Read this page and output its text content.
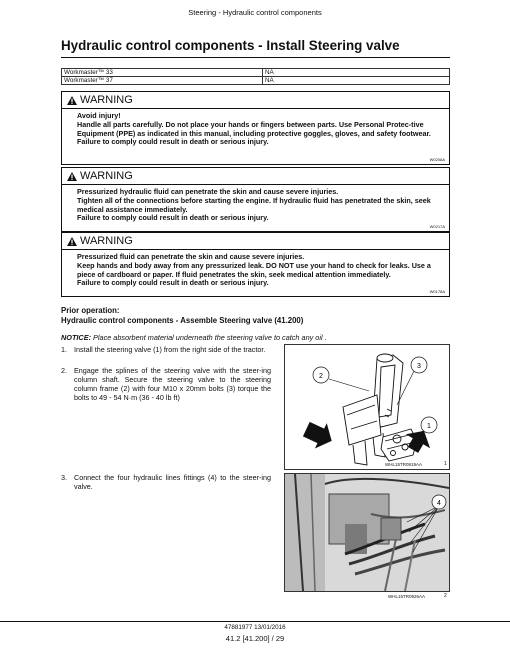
Steering - Hydraulic control components
Hydraulic control components - Install Steering valve
Workmaster™ 33	NA
Workmaster™ 37	NA
WARNING
Avoid injury!
Handle all parts carefully. Do not place your hands or fingers between parts. Use Personal Protec-tive Equipment (PPE) as indicated in this manual, including protective goggles, gloves, and safety footwear.
Failure to comply could result in death or serious injury.
W0208A
WARNING
Pressurized hydraulic fluid can penetrate the skin and cause severe injuries.
Tighten all of the connections before starting the engine. If hydraulic fluid has penetrated the skin, seek medical assistance immediately.
Failure to comply could result in death or serious injury.
W0217A
WARNING
Pressurized fluid can penetrate the skin and cause severe injuries.
Keep hands and body away from any pressurized leak. DO NOT use your hand to check for leaks. Use a piece of cardboard or paper. If fluid penetrates the skin, seek medical attention immediately.
Failure to comply could result in death or serious injury.
W0178A
Prior operation:
Hydraulic control components - Assemble Steering valve (41.200)
NOTICE: Place absorbent material underneath the steering valve to catch any oil .
1. Install the steering valve (1) from the right side of the tractor.
2. Engage the splines of the steering valve with the steer-ing column shaft. Secure the steering valve to the steering column frame (2) with four M10 x 20mm bolts (3) torque the bolts to 49 - 54 N·m (36 - 40 lb ft)
3. Connect the four hydraulic lines fittings (4) to the steer-ing valve.
2
3
1
WHL15TR0919AA	1
4
WHL15TR0926AA	2
47881977 13/01/2016
41.2 [41.200] / 29
